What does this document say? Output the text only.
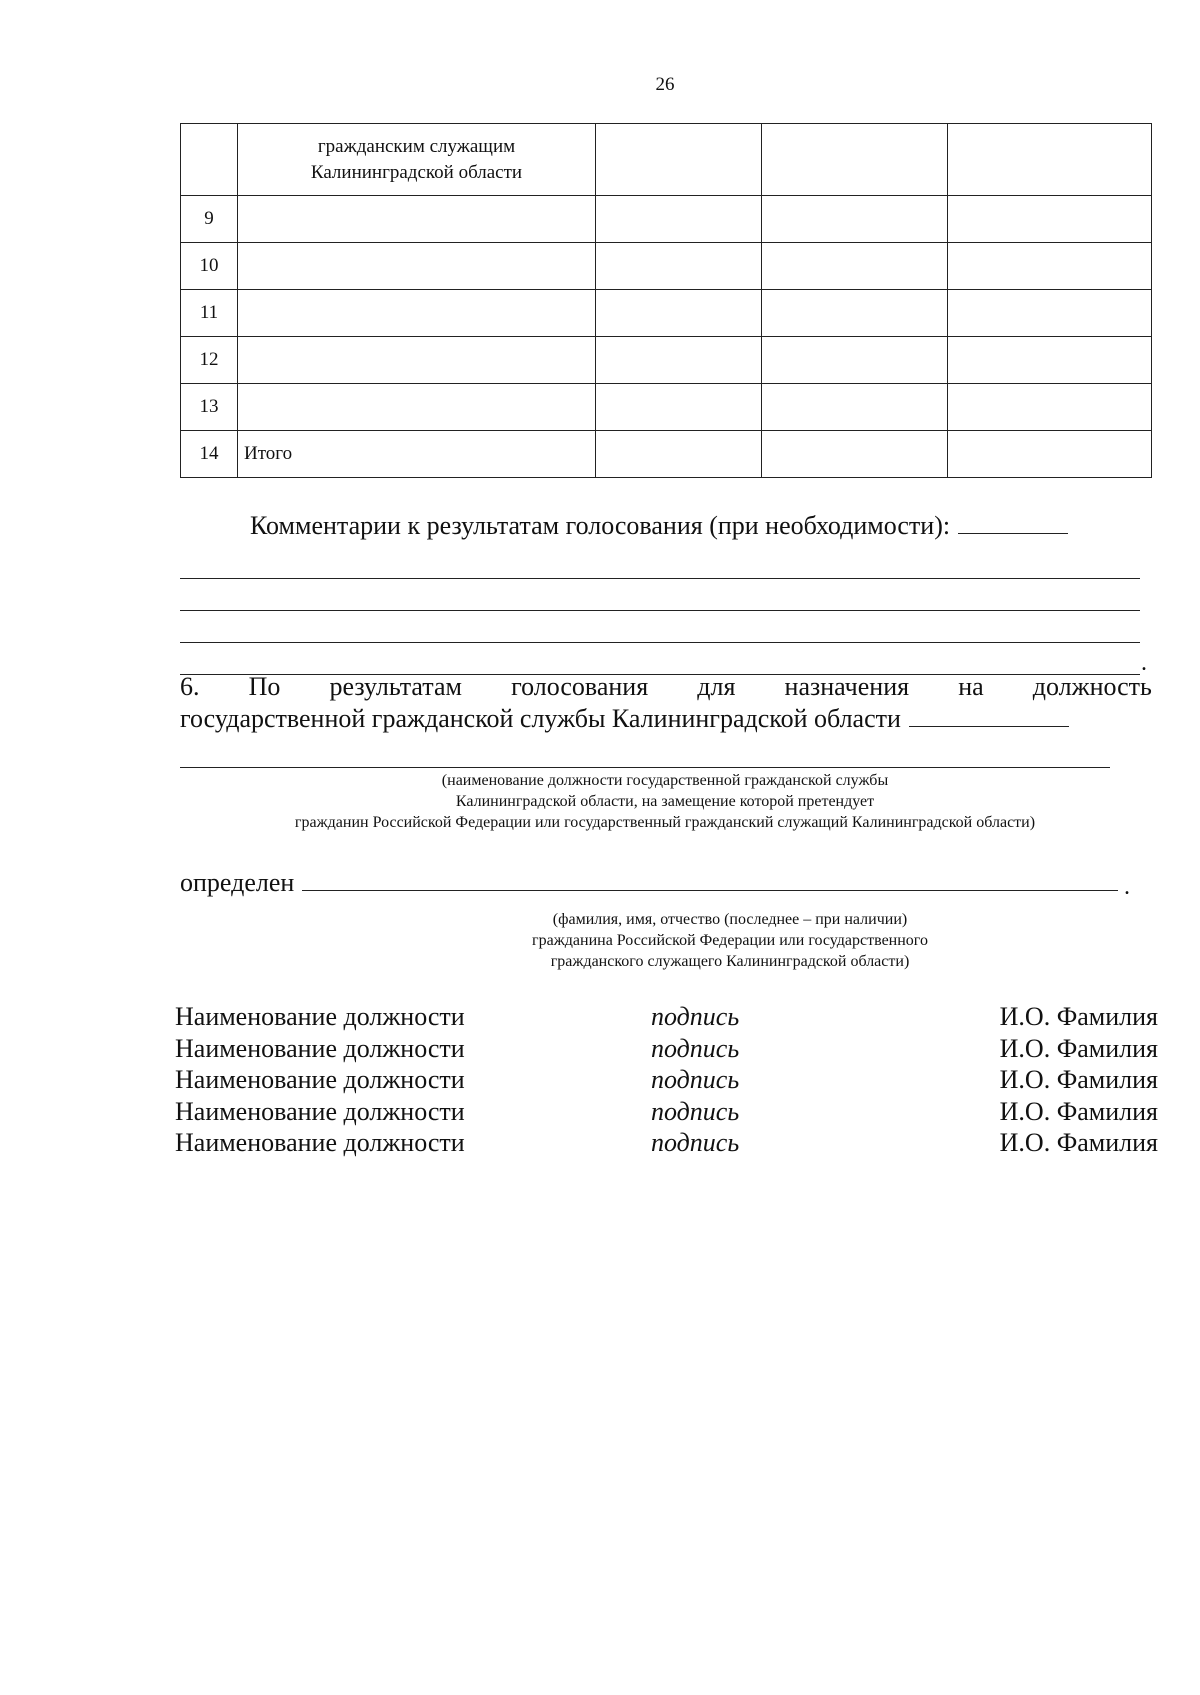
26

	гражданским служащим
Калининградской области			

9				
10				
11				
12				
13				
14	Итого			
Комментарии к результатам голосования (при необходимости):
.
6. По результатам голосования для назначения на должность
государственной гражданской службы Калининградской области
(наименование должности государственной гражданской службы
Калининградской области, на замещение которой претендует
гражданин Российской Федерации или государственный гражданский служащий Калининградской области)
определен	.
(фамилия, имя, отчество (последнее – при наличии)
гражданина Российской Федерации или государственного
гражданского служащего Калининградской области)
Наименование должности	подпись	И.О. Фамилия
Наименование должности	подпись	И.О. Фамилия
Наименование должности	подпись	И.О. Фамилия
Наименование должности	подпись	И.О. Фамилия
Наименование должности	подпись	И.О. Фамилия
